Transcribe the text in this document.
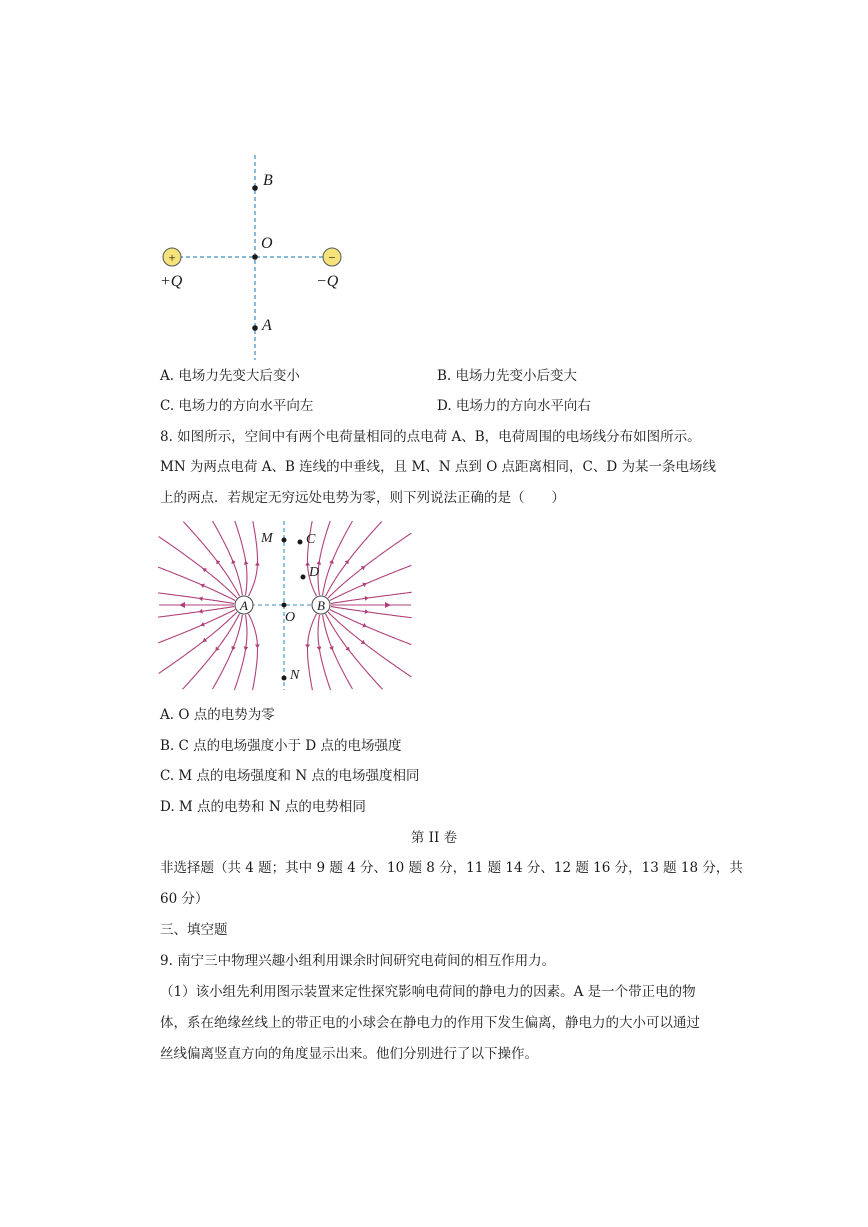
+	−
B
O
A
+Q	−Q
A. 电场力先变大后变小	B. 电场力先变小后变大
C. 电场力的方向水平向左	D. 电场力的方向水平向右
8. 如图所示，空间中有两个电荷量相同的点电荷 A、B，电荷周围的电场线分布如图所示。
MN 为两点电荷 A、B 连线的中垂线，且 M、N 点到 O 点距离相同，C、D 为某一条电场线
上的两点．若规定无穷远处电势为零，则下列说法正确的是（　　）
A	B
M C
D
O
N
A. O 点的电势为零
B. C 点的电场强度小于 D 点的电场强度
C. M 点的电场强度和 N 点的电场强度相同
D. M 点的电势和 N 点的电势相同
第 II 卷
非选择题（共 4 题；其中 9 题 4 分、10 题 8 分，11 题 14 分、12 题 16 分，13 题 18 分，共
60 分）
三、填空题
9. 南宁三中物理兴趣小组利用课余时间研究电荷间的相互作用力。
（1）该小组先利用图示装置来定性探究影响电荷间的静电力的因素。A 是一个带正电的物
体，系在绝缘丝线上的带正电的小球会在静电力的作用下发生偏离，静电力的大小可以通过
丝线偏离竖直方向的角度显示出来。他们分别进行了以下操作。
